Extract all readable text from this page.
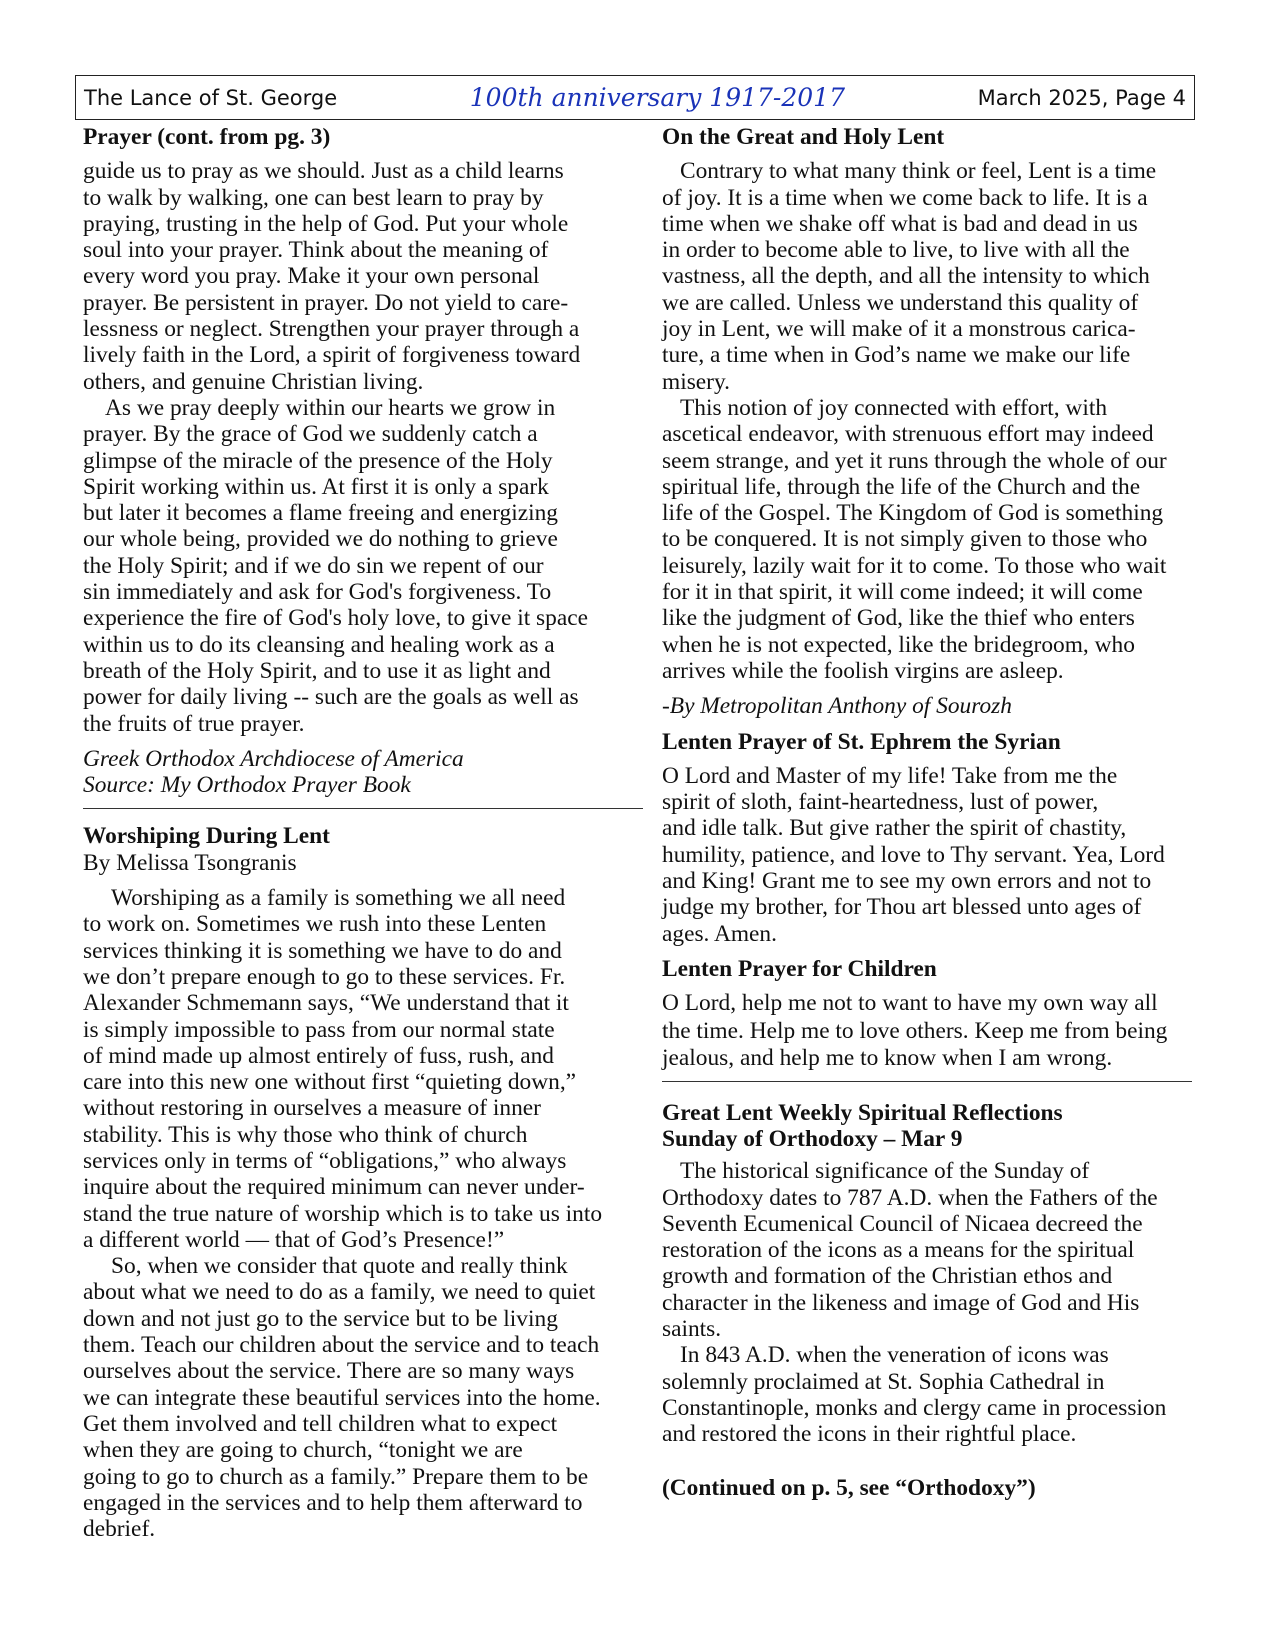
The Lance of St. George	100th anniversary 1917-2017	March 2025, Page 4

Prayer (cont. from pg. 3)

guide us to pray as we should. Just as a child learns
to walk by walking, one can best learn to pray by
praying, trusting in the help of God. Put your whole
soul into your prayer. Think about the meaning of
every word you pray. Make it your own personal
prayer. Be persistent in prayer. Do not yield to care-
lessness or neglect. Strengthen your prayer through a
lively faith in the Lord, a spirit of forgiveness toward
others, and genuine Christian living.

As we pray deeply within our hearts we grow in
prayer. By the grace of God we suddenly catch a
glimpse of the miracle of the presence of the Holy
Spirit working within us. At first it is only a spark
but later it becomes a flame freeing and energizing
our whole being, provided we do nothing to grieve
the Holy Spirit; and if we do sin we repent of our
sin immediately and ask for God's forgiveness. To
experience the fire of God's holy love, to give it space
within us to do its cleansing and healing work as a
breath of the Holy Spirit, and to use it as light and
power for daily living -- such are the goals as well as
the fruits of true prayer.

Greek Orthodox Archdiocese of America

Source: My Orthodox Prayer Book

Worshiping During Lent

By Melissa Tsongranis

Worshiping as a family is something we all need
to work on. Sometimes we rush into these Lenten
services thinking it is something we have to do and
we don’t prepare enough to go to these services. Fr.
Alexander Schmemann says, “We understand that it
is simply impossible to pass from our normal state
of mind made up almost entirely of fuss, rush, and
care into this new one without first “quieting down,”
without restoring in ourselves a measure of inner
stability. This is why those who think of church
services only in terms of “obligations,” who always
inquire about the required minimum can never under-
stand the true nature of worship which is to take us into
a different world — that of God’s Presence!”

So, when we consider that quote and really think
about what we need to do as a family, we need to quiet
down and not just go to the service but to be living
them. Teach our children about the service and to teach
ourselves about the service. There are so many ways
we can integrate these beautiful services into the home.
Get them involved and tell children what to expect
when they are going to church, “tonight we are
going to go to church as a family.” Prepare them to be
engaged in the services and to help them afterward to
debrief.

On the Great and Holy Lent

Contrary to what many think or feel, Lent is a time
of joy. It is a time when we come back to life. It is a
time when we shake off what is bad and dead in us
in order to become able to live, to live with all the
vastness, all the depth, and all the intensity to which
we are called. Unless we understand this quality of
joy in Lent, we will make of it a monstrous carica-
ture, a time when in God’s name we make our life
misery.

This notion of joy connected with effort, with
ascetical endeavor, with strenuous effort may indeed
seem strange, and yet it runs through the whole of our
spiritual life, through the life of the Church and the
life of the Gospel. The Kingdom of God is something
to be conquered. It is not simply given to those who
leisurely, lazily wait for it to come. To those who wait
for it in that spirit, it will come indeed; it will come
like the judgment of God, like the thief who enters
when he is not expected, like the bridegroom, who
arrives while the foolish virgins are asleep.

-By Metropolitan Anthony of Sourozh

Lenten Prayer of St. Ephrem the Syrian

O Lord and Master of my life! Take from me the
spirit of sloth, faint-heartedness, lust of power,
and idle talk. But give rather the spirit of chastity,
humility, patience, and love to Thy servant. Yea, Lord
and King! Grant me to see my own errors and not to
judge my brother, for Thou art blessed unto ages of
ages. Amen.

Lenten Prayer for Children

O Lord, help me not to want to have my own way all
the time. Help me to love others. Keep me from being
jealous, and help me to know when I am wrong.

Great Lent Weekly Spiritual Reflections

Sunday of Orthodoxy – Mar 9

The historical significance of the Sunday of
Orthodoxy dates to 787 A.D. when the Fathers of the
Seventh Ecumenical Council of Nicaea decreed the
restoration of the icons as a means for the spiritual
growth and formation of the Christian ethos and
character in the likeness and image of God and His
saints.

In 843 A.D. when the veneration of icons was
solemnly proclaimed at St. Sophia Cathedral in
Constantinople, monks and clergy came in procession
and restored the icons in their rightful place.

(Continued on p. 5, see “Orthodoxy”)
